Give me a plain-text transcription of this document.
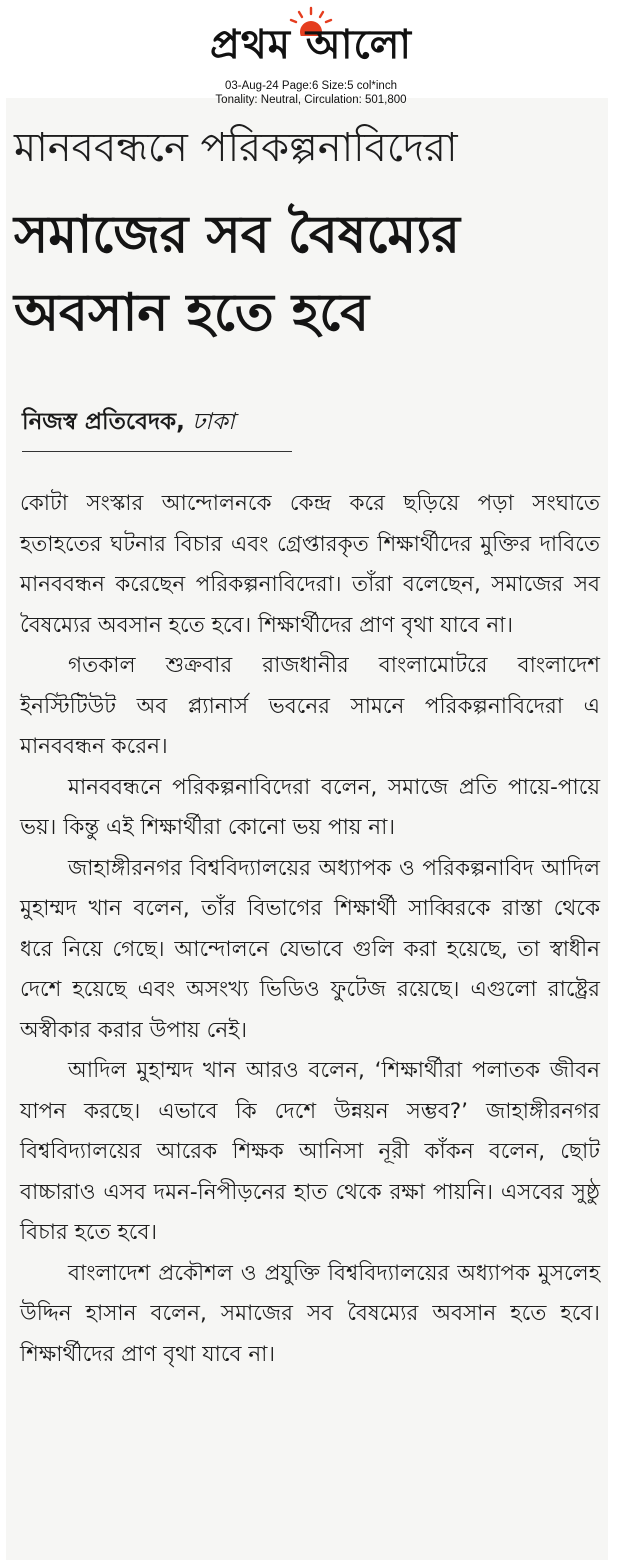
প্রথম আলো
03-Aug-24 Page:6 Size:5 col*inch
Tonality: Neutral, Circulation: 501,800
মানববন্ধনে পরিকল্পনাবিদেরা
সমাজের সব বৈষম্যের
অবসান হতে হবে
নিজস্ব প্রতিবেদক, ঢাকা

কোটা সংস্কার আন্দোলনকে কেন্দ্র করে ছড়িয়ে পড়া সংঘাতে হতাহতের ঘটনার বিচার এবং গ্রেপ্তারকৃত শিক্ষার্থীদের মুক্তির দাবিতে মানববন্ধন করেছেন পরিকল্পনাবিদেরা। তাঁরা বলেছেন, সমাজের সব বৈষম্যের অবসান হতে হবে। শিক্ষার্থীদের প্রাণ বৃথা যাবে না।

গতকাল শুক্রবার রাজধানীর বাংলামোটরে বাংলাদেশ ইনস্টিটিউট অব প্ল্যানার্স ভবনের সামনে পরিকল্পনাবিদেরা এ মানববন্ধন করেন।

মানববন্ধনে পরিকল্পনাবিদেরা বলেন, সমাজে প্রতি পায়ে-পায়ে ভয়। কিন্তু এই শিক্ষার্থীরা কোনো ভয় পায় না।

জাহাঙ্গীরনগর বিশ্ববিদ্যালয়ের অধ্যাপক ও পরিকল্পনাবিদ আদিল মুহাম্মদ খান বলেন, তাঁর বিভাগের শিক্ষার্থী সাব্বিরকে রাস্তা থেকে ধরে নিয়ে গেছে। আন্দোলনে যেভাবে গুলি করা হয়েছে, তা স্বাধীন দেশে হয়েছে এবং অসংখ্য ভিডিও ফুটেজ রয়েছে। এগুলো রাষ্ট্রের অস্বীকার করার উপায় নেই।

আদিল মুহাম্মদ খান আরও বলেন, ‘শিক্ষার্থীরা পলাতক জীবন যাপন করছে। এভাবে কি দেশে উন্নয়ন সম্ভব?’ জাহাঙ্গীরনগর বিশ্ববিদ্যালয়ের আরেক শিক্ষক আনিসা নূরী কাঁকন বলেন, ছোট বাচ্চারাও এসব দমন-নিপীড়নের হাত থেকে রক্ষা পায়নি। এসবের সুষ্ঠু বিচার হতে হবে।

বাংলাদেশ প্রকৌশল ও প্রযুক্তি বিশ্ববিদ্যালয়ের অধ্যাপক মুসলেহ উদ্দিন হাসান বলেন, সমাজের সব বৈষম্যের অবসান হতে হবে। শিক্ষার্থীদের প্রাণ বৃথা যাবে না।
